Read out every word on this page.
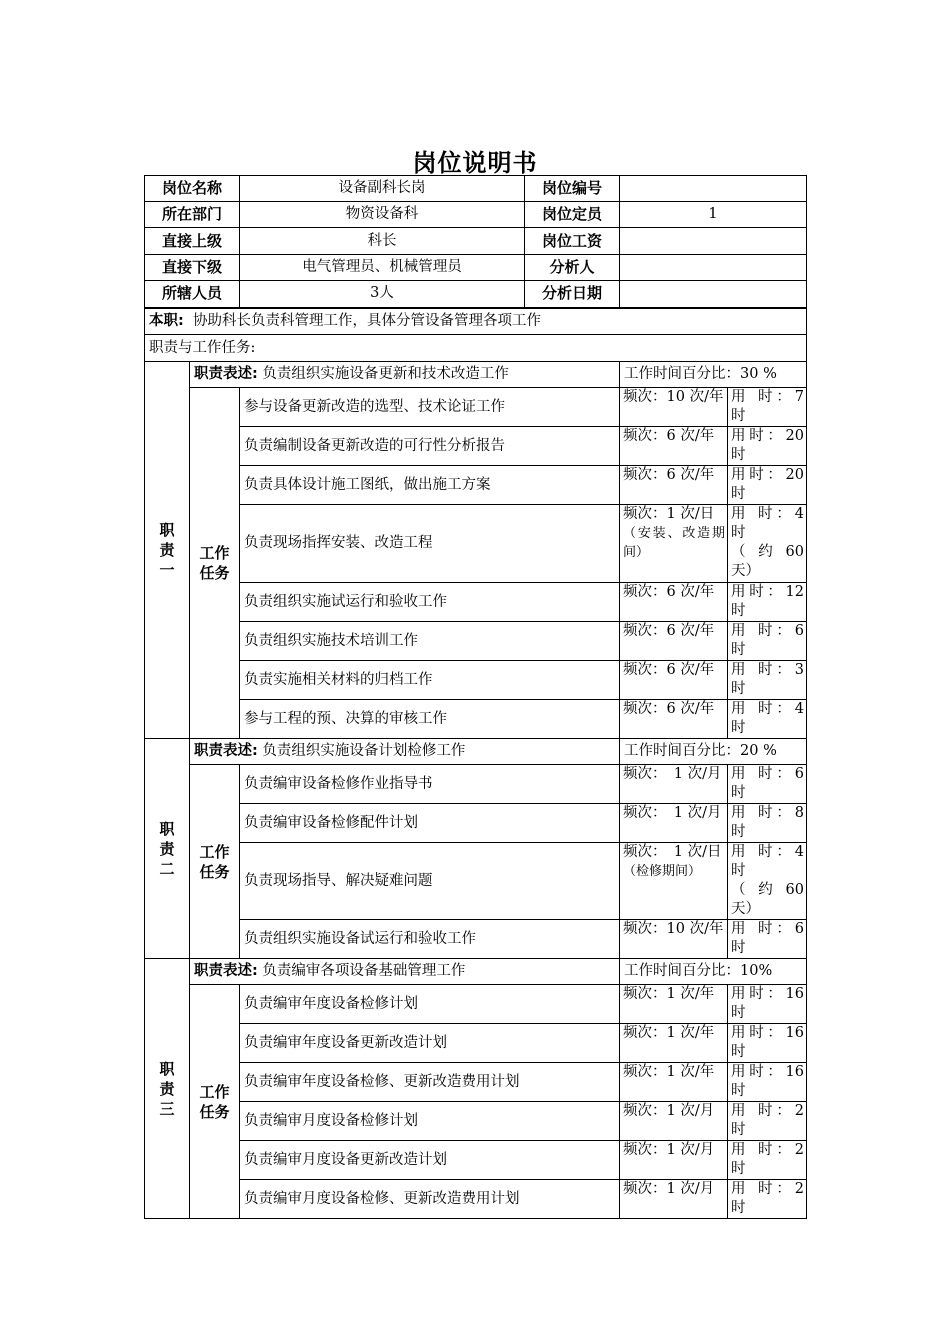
岗位说明书
岗位名称		设备副科长岗	岗位编号		
所在部门		物资设备科	岗位定员	1	
直接上级		科长	岗位工资		
直接下级		电气管理员、机械管理员	分析人		
所辖人员		3人	分析日期		
本职: 协助科长负责科管理工作，具体分管设备管理各项工作					
职责与工作任务:					

职责一	职责表述: 负责组织实施设备更新和技术改造工作			工作时间百分比：30 %	

	工作任务	参与设备更新改造的选型、技术论证工作		频次：10 次/年	用 时：7 时
		负责编制设备更新改造的可行性分析报告		频次：6 次/年	用时：20 时
		负责具体设计施工图纸，做出施工方案		频次：6 次/年	用时：20 时
		负责现场指挥安装、改造工程		频次：1 次/日
（安装、改造期间）	用 时：4 时
（ 约 60 天）

		负责组织实施试运行和验收工作		频次：6 次/年	用时：12 时
		负责组织实施技术培训工作		频次：6 次/年	用 时：6 时
		负责实施相关材料的归档工作		频次：6 次/年	用 时：3 时
		参与工程的预、决算的审核工作		频次：6 次/年	用 时：4 时

职责二	职责表述: 负责组织实施设备计划检修工作			工作时间百分比：20 %	

	工作任务	负责编审设备检修作业指导书		频次：　1 次/月	用 时：6 时
		负责编审设备检修配件计划		频次：　1 次/月	用 时：8 时
		负责现场指导、解决疑难问题		频次：　1 次/日
（检修期间）	用 时：4 时
（ 约 60 天）

		负责组织实施设备试运行和验收工作		频次：10 次/年	用 时：6 时

职责三	职责表述: 负责编审各项设备基础管理工作			工作时间百分比：10%	

	工作任务	负责编审年度设备检修计划		频次：1 次/年	用时：16 时
		负责编审年度设备更新改造计划		频次：1 次/年	用时：16 时
		负责编审年度设备检修、更新改造费用计划		频次：1 次/年	用时：16 时
		负责编审月度设备检修计划		频次：1 次/月	用 时：2 时
		负责编审月度设备更新改造计划		频次：1 次/月	用 时：2 时
		负责编审月度设备检修、更新改造费用计划		频次：1 次/月	用 时：2 时
